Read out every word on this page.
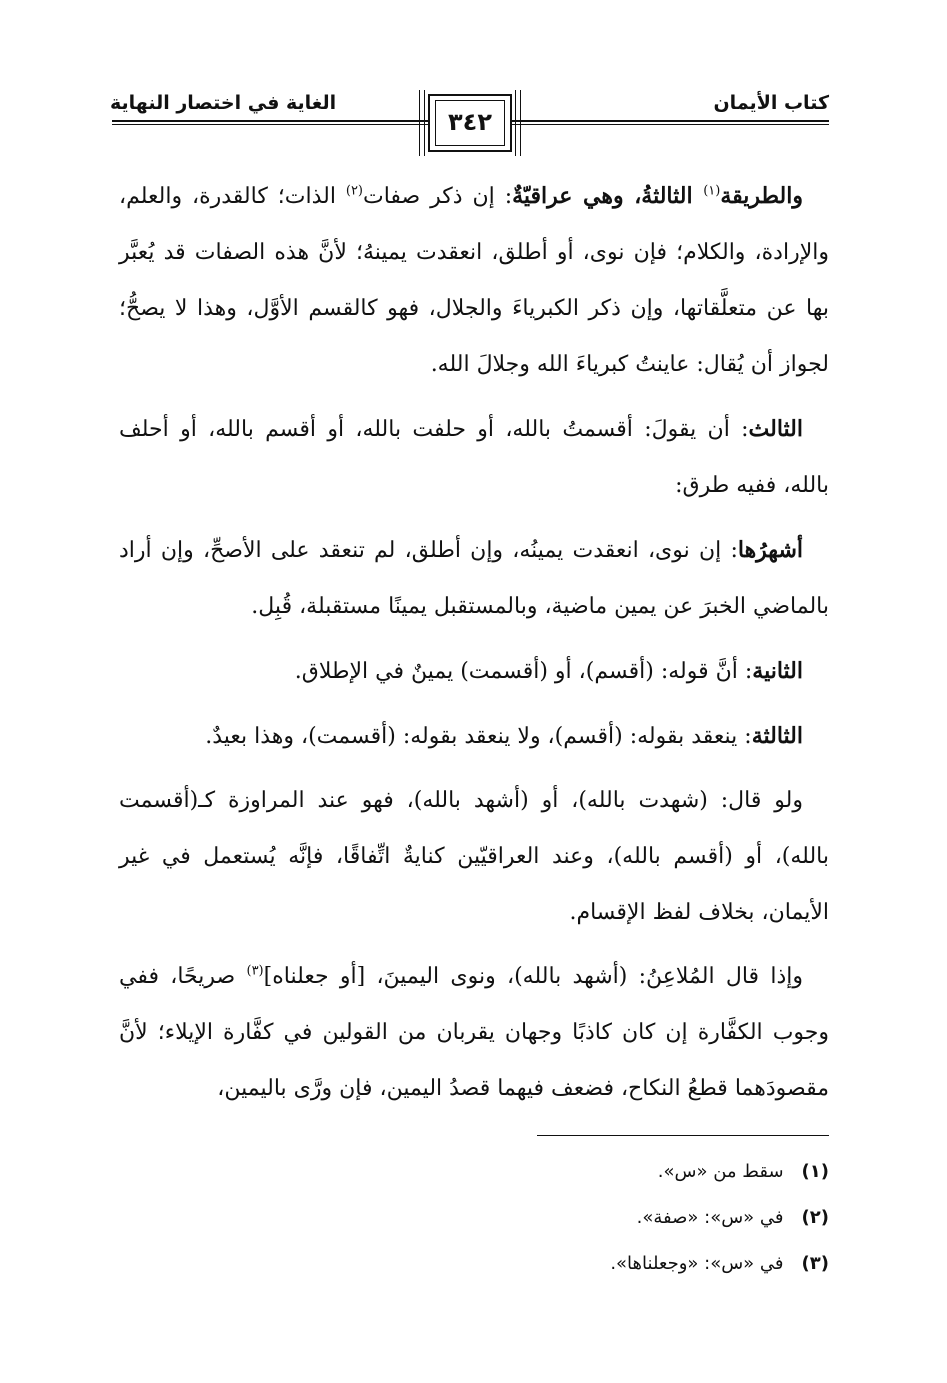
كتاب الأيمان
الغاية في اختصار النهاية
٣٤٢

والطريقة$^{(١)}$ الثالثةُ، وهي عراقيّةٌ: إن ذكر صفات$^{(٢)}$ الذات؛ كالقدرة، والعلم، والإرادة، والكلام؛ فإن نوى، أو أطلق، انعقدت يمينهُ؛ لأنَّ هذه الصفات قد يُعبَّر بها عن متعلَّقاتها، وإن ذكر الكبرياءَ والجلال، فهو كالقسم الأوَّل، وهذا لا يصحُّ؛ لجواز أن يُقال: عاينتُ كبرياءَ الله وجلالَ الله.

الثالث: أن يقولَ: أقسمتُ بالله، أو حلفت بالله، أو أقسم بالله، أو أحلف بالله، ففيه طرق:

أشهرُها: إن نوى، انعقدت يمينُه، وإن أطلق، لم تنعقد على الأصحِّ، وإن أراد بالماضي الخبرَ عن يمين ماضية، وبالمستقبل يمينًا مستقبلة، قُبِل.

الثانية: أنَّ قوله: (أقسم)، أو (أقسمت) يمينٌ في الإطلاق.

الثالثة: ينعقد بقوله: (أقسم)، ولا ينعقد بقوله: (أقسمت)، وهذا بعيدٌ.

ولو قال: (شهدت بالله)، أو (أشهد بالله)، فهو عند المراوزة كـ(أقسمت بالله)، أو (أقسم بالله)، وعند العراقيّين كنايةٌ اتِّفاقًا، فإنَّه يُستعمل في غير الأيمان، بخلاف لفظ الإقسام.

وإذا قال المُلاعِنُ: (أشهد بالله)، ونوى اليمينَ، [أو جعلناه]$^{(٣)}$ صريحًا، ففي وجوب الكفَّارة إن كان كاذبًا وجهان يقربان من القولين في كفَّارة الإيلاء؛ لأنَّ مقصودَهما قطعُ النكاح، فضعف فيهما قصدُ اليمين، فإن ورَّى باليمين،

(١)
سقط من «س».
(٢)
في «س»: «صفة».
(٣)
في «س»: «وجعلناها».
